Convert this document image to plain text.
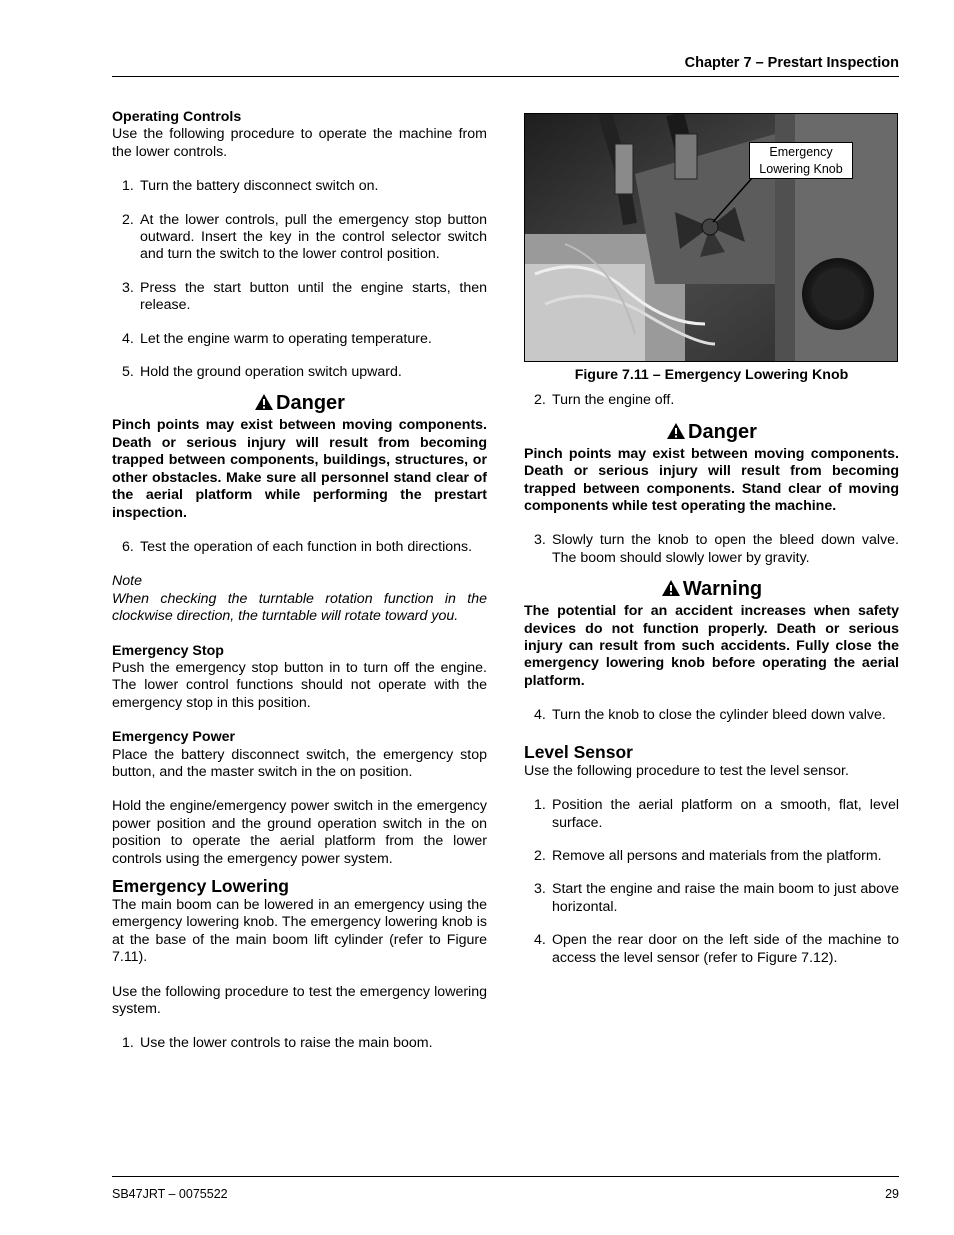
Chapter 7 – Prestart Inspection

Operating Controls

Use the following procedure to operate the machine from the lower controls.

1. Turn the battery disconnect switch on.
2. At the lower controls, pull the emergency stop button outward. Insert the key in the control selector switch and turn the switch to the lower control position.
3. Press the start button until the engine starts, then release.
4. Let the engine warm to operating temperature.
5. Hold the ground operation switch upward.
Danger

Pinch points may exist between moving components. Death or serious injury will result from becoming trapped between components, buildings, structures, or other obstacles. Make sure all personnel stand clear of the aerial platform while performing the prestart inspection.

6. Test the operation of each function in both directions.

Note

When checking the turntable rotation function in the clockwise direction, the turntable will rotate toward you.

Emergency Stop

Push the emergency stop button in to turn off the engine. The lower control functions should not operate with the emergency stop in this position.

Emergency Power

Place the battery disconnect switch, the emergency stop button, and the master switch in the on position.

Hold the engine/emergency power switch in the emergency power position and the ground operation switch in the on position to operate the aerial platform from the lower controls using the emergency power system.

Emergency Lowering

The main boom can be lowered in an emergency using the emergency lowering knob. The emergency lowering knob is at the base of the main boom lift cylinder (refer to Figure 7.11).

Use the following procedure to test the emergency lowering system.

1. Use the lower controls to raise the main boom.
Emergency Lowering Knob

Figure 7.11 – Emergency Lowering Knob

2. Turn the engine off.
Danger

Pinch points may exist between moving components. Death or serious injury will result from becoming trapped between components. Stand clear of moving components while test operating the machine.

3. Slowly turn the knob to open the bleed down valve. The boom should slowly lower by gravity.
Warning

The potential for an accident increases when safety devices do not function properly. Death or serious injury can result from such accidents. Fully close the emergency lowering knob before operating the aerial platform.

4. Turn the knob to close the cylinder bleed down valve.

Level Sensor

Use the following procedure to test the level sensor.

1. Position the aerial platform on a smooth, flat, level surface.
2. Remove all persons and materials from the platform.
3. Start the engine and raise the main boom to just above horizontal.
4. Open the rear door on the left side of the machine to access the level sensor (refer to Figure 7.12).
SB47JRT – 0075522	29
